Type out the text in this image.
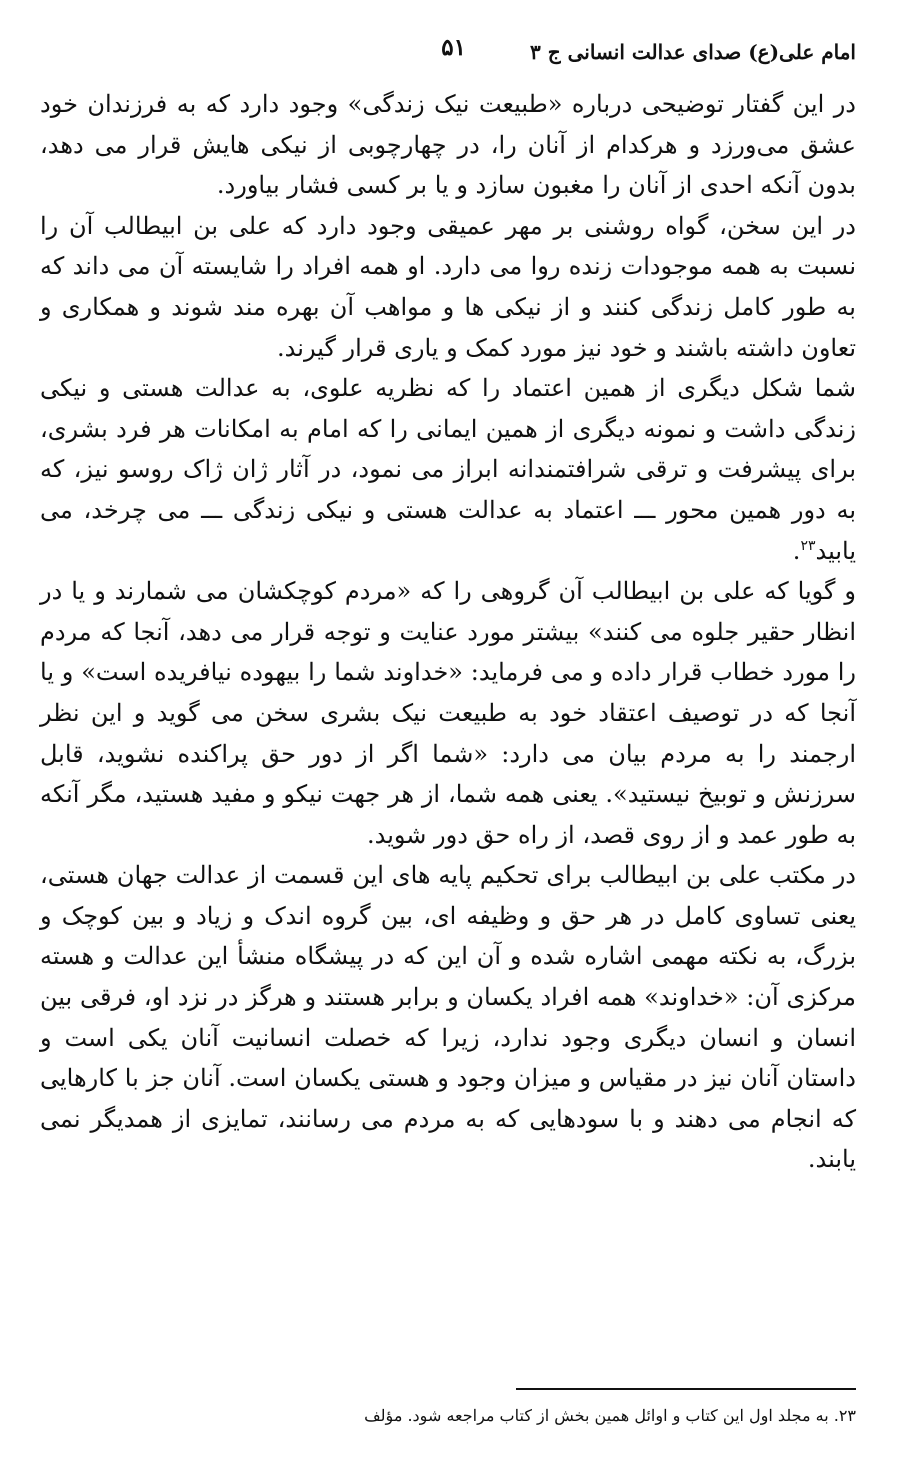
امام علی(ع) صدای عدالت انسانی ج ۳
۵۱

در این گفتار توضیحی درباره «طبیعت نیک زندگی» وجود دارد که به فرزندان خود عشق می‌ورزد و هرکدام از آنان را، در چهارچوبی از نیکی هایش قرار می دهد، بدون آنکه احدی از آنان را مغبون سازد و یا بر کسی فشار بیاورد.

در این سخن، گواه روشنی بر مهر عمیقی وجود دارد که علی بن ابیطالب آن را نسبت به همه موجودات زنده روا می دارد. او همه افراد را شایسته آن می داند که به طور کامل زندگی کنند و از نیکی ها و مواهب آن بهره مند شوند و همکاری و تعاون داشته باشند و خود نیز مورد کمک و یاری قرار گیرند.

شما شکل دیگری از همین اعتماد را که نظریه علوی، به عدالت هستی و نیکی زندگی داشت و نمونه دیگری از همین ایمانی را که امام به امکانات هر فرد بشری، برای پیشرفت و ترقی شرافتمندانه ابراز می نمود، در آثار ژان ژاک روسو نیز، که به دور همین محور ـــ اعتماد به عدالت هستی و نیکی زندگی ـــ می چرخد، می یابید$^{۲۳}$.

و گویا که علی بن ابیطالب آن گروهی را که «مردم کوچکشان می شمارند و یا در انظار حقیر جلوه می کنند» بیشتر مورد عنایت و توجه قرار می دهد، آنجا که مردم را مورد خطاب قرار داده و می فرماید: «خداوند شما را بیهوده نیافریده است» و یا آنجا که در توصیف اعتقاد خود به طبیعت نیک بشری سخن می گوید و این نظر ارجمند را به مردم بیان می دارد: «شما اگر از دور حق پراکنده نشوید، قابل سرزنش و توبیخ نیستید». یعنی همه شما، از هر جهت نیکو و مفید هستید، مگر آنکه به طور عمد و از روی قصد، از راه حق دور شوید.

در مکتب علی بن ابیطالب برای تحکیم پایه های این قسمت از عدالت جهان هستی، یعنی تساوی کامل در هر حق و وظیفه ای، بین گروه اندک و زیاد و بین کوچک و بزرگ، به نکته مهمی اشاره شده و آن این که در پیشگاه منشأ این عدالت و هسته مرکزی آن: «خداوند» همه افراد یکسان و برابر هستند و هرگز در نزد او، فرقی بین انسان و انسان دیگری وجود ندارد، زیرا که خصلت انسانیت آنان یکی است و داستان آنان نیز در مقیاس و میزان وجود و هستی یکسان است. آنان جز با کارهایی که انجام می دهند و با سودهایی که به مردم می رسانند، تمایزی از همدیگر نمی یابند.

۲۳. به مجلد اول این کتاب و اوائل همین بخش از کتاب مراجعه شود. مؤلف
